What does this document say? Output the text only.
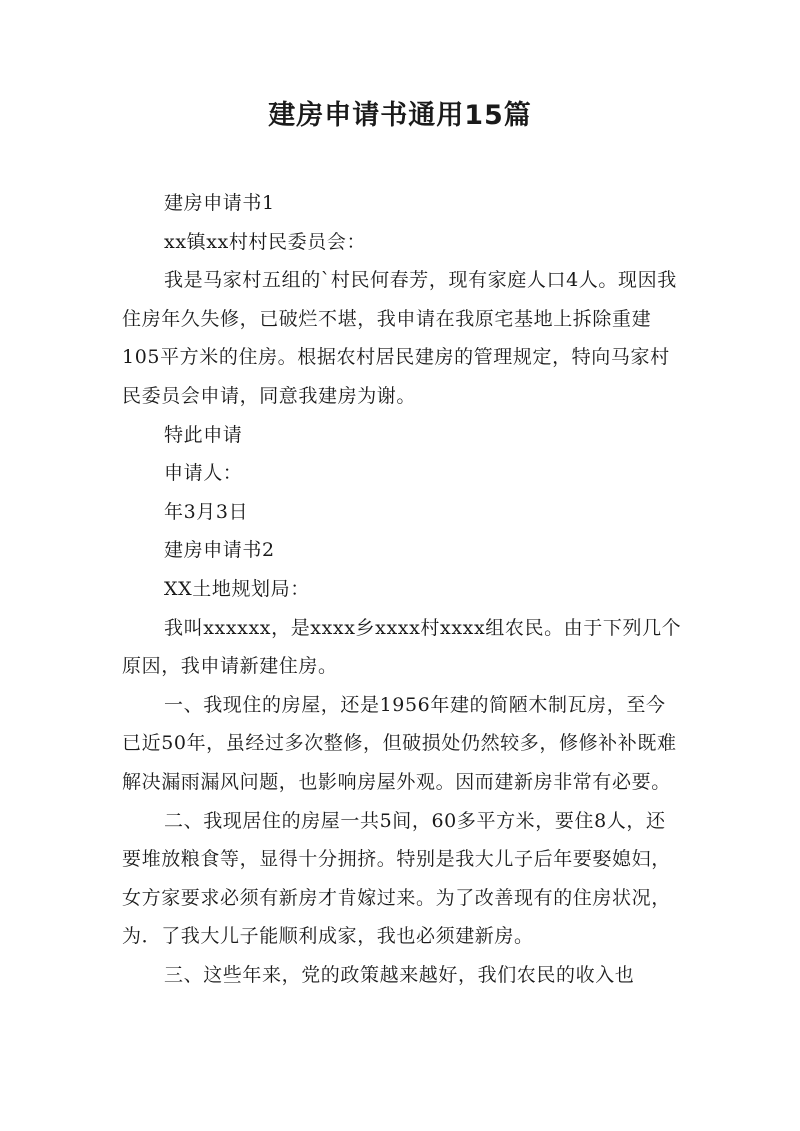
建房申请书通用15篇

建房申请书1

xx镇xx村村民委员会：

我是马家村五组的`村民何春芳，现有家庭人口4人。现因我住房年久失修，已破烂不堪，我申请在我原宅基地上拆除重建105平方米的住房。根据农村居民建房的管理规定，特向马家村民委员会申请，同意我建房为谢。

特此申请

申请人：

年3月3日

建房申请书2

XX土地规划局：

我叫xxxxxx，是xxxx乡xxxx村xxxx组农民。由于下列几个原因，我申请新建住房。

一、我现住的房屋，还是1956年建的简陋木制瓦房，至今已近50年，虽经过多次整修，但破损处仍然较多，修修补补既难解决漏雨漏风问题，也影响房屋外观。因而建新房非常有必要。

二、我现居住的房屋一共5间，60多平方米，要住8人，还要堆放粮食等，显得十分拥挤。特别是我大儿子后年要娶媳妇，女方家要求必须有新房才肯嫁过来。为了改善现有的住房状况，为．了我大儿子能顺利成家，我也必须建新房。

三、这些年来，党的政策越来越好，我们农民的收入也
